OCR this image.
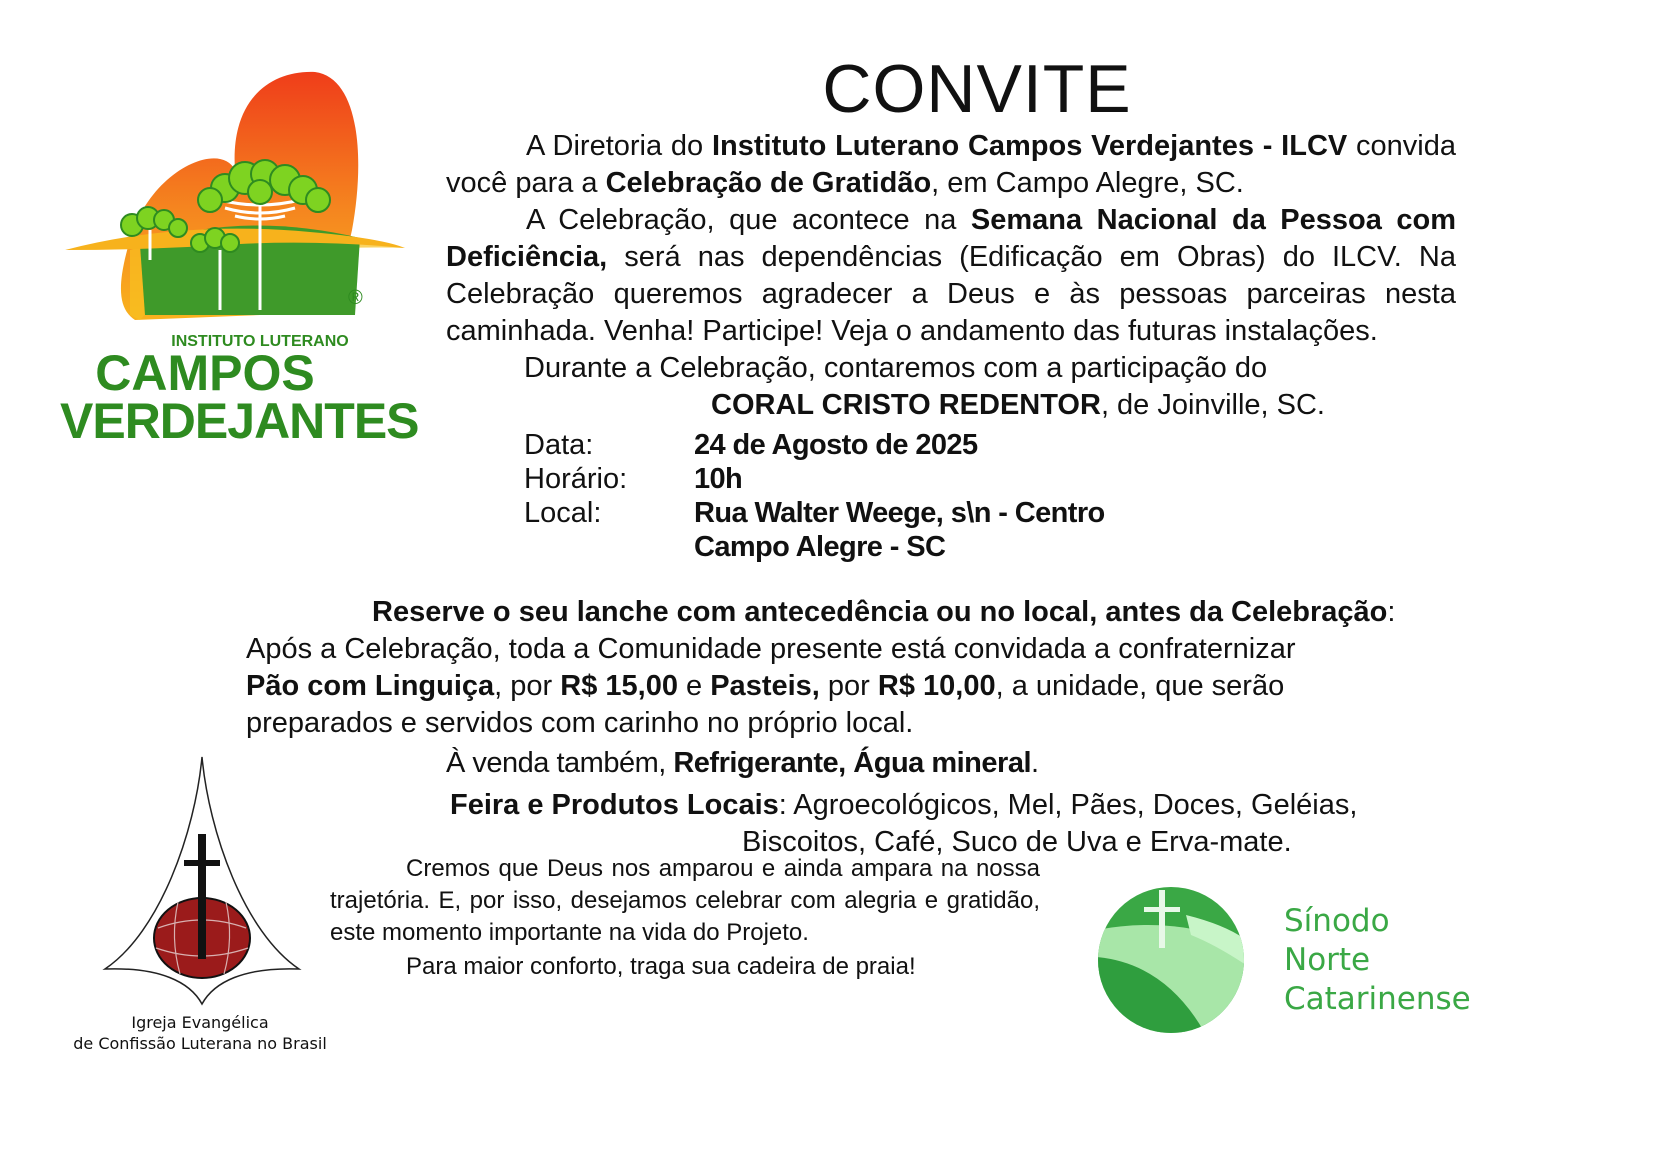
®
INSTITUTO LUTERANO
CAMPOS
VERDEJANTES
CONVITE
A Diretoria do Instituto Luterano Campos Verdejantes - ILCV convida você para a Celebração de Gratidão, em Campo Alegre, SC.
A Celebração, que acontece na Semana Nacional da Pessoa com Deficiência, será nas dependências (Edificação em Obras) do ILCV. Na Celebração queremos agradecer a Deus e às pessoas parceiras nesta caminhada. Venha! Participe! Veja o andamento das futuras instalações.
Durante a Celebração, contaremos com a participação do
CORAL CRISTO REDENTOR, de Joinville, SC.
Data:	24 de Agosto de 2025
Horário:	10h
Local:	Rua Walter Weege, s\n - Centro
Campo Alegre - SC
Reserve o seu lanche com antecedência ou no local, antes da Celebração:
Após a Celebração, toda a Comunidade presente está convidada a confraternizar
Pão com Linguiça, por R$ 15,00 e Pasteis, por R$ 10,00, a unidade, que serão
preparados e servidos com carinho no próprio local.
À venda também, Refrigerante, Água mineral.
Feira e Produtos Locais: Agroecológicos, Mel, Pães, Doces, Geléias,
Biscoitos, Café, Suco de Uva e Erva-mate.
Igreja Evangélica
de Confissão Luterana no Brasil
Cremos que Deus nos amparou e ainda ampara na nossa trajetória. E, por isso, desejamos celebrar com alegria e gratidão, este momento importante na vida do Projeto.
Para maior conforto, traga sua cadeira de praia!
Sínodo
Norte
Catarinense
